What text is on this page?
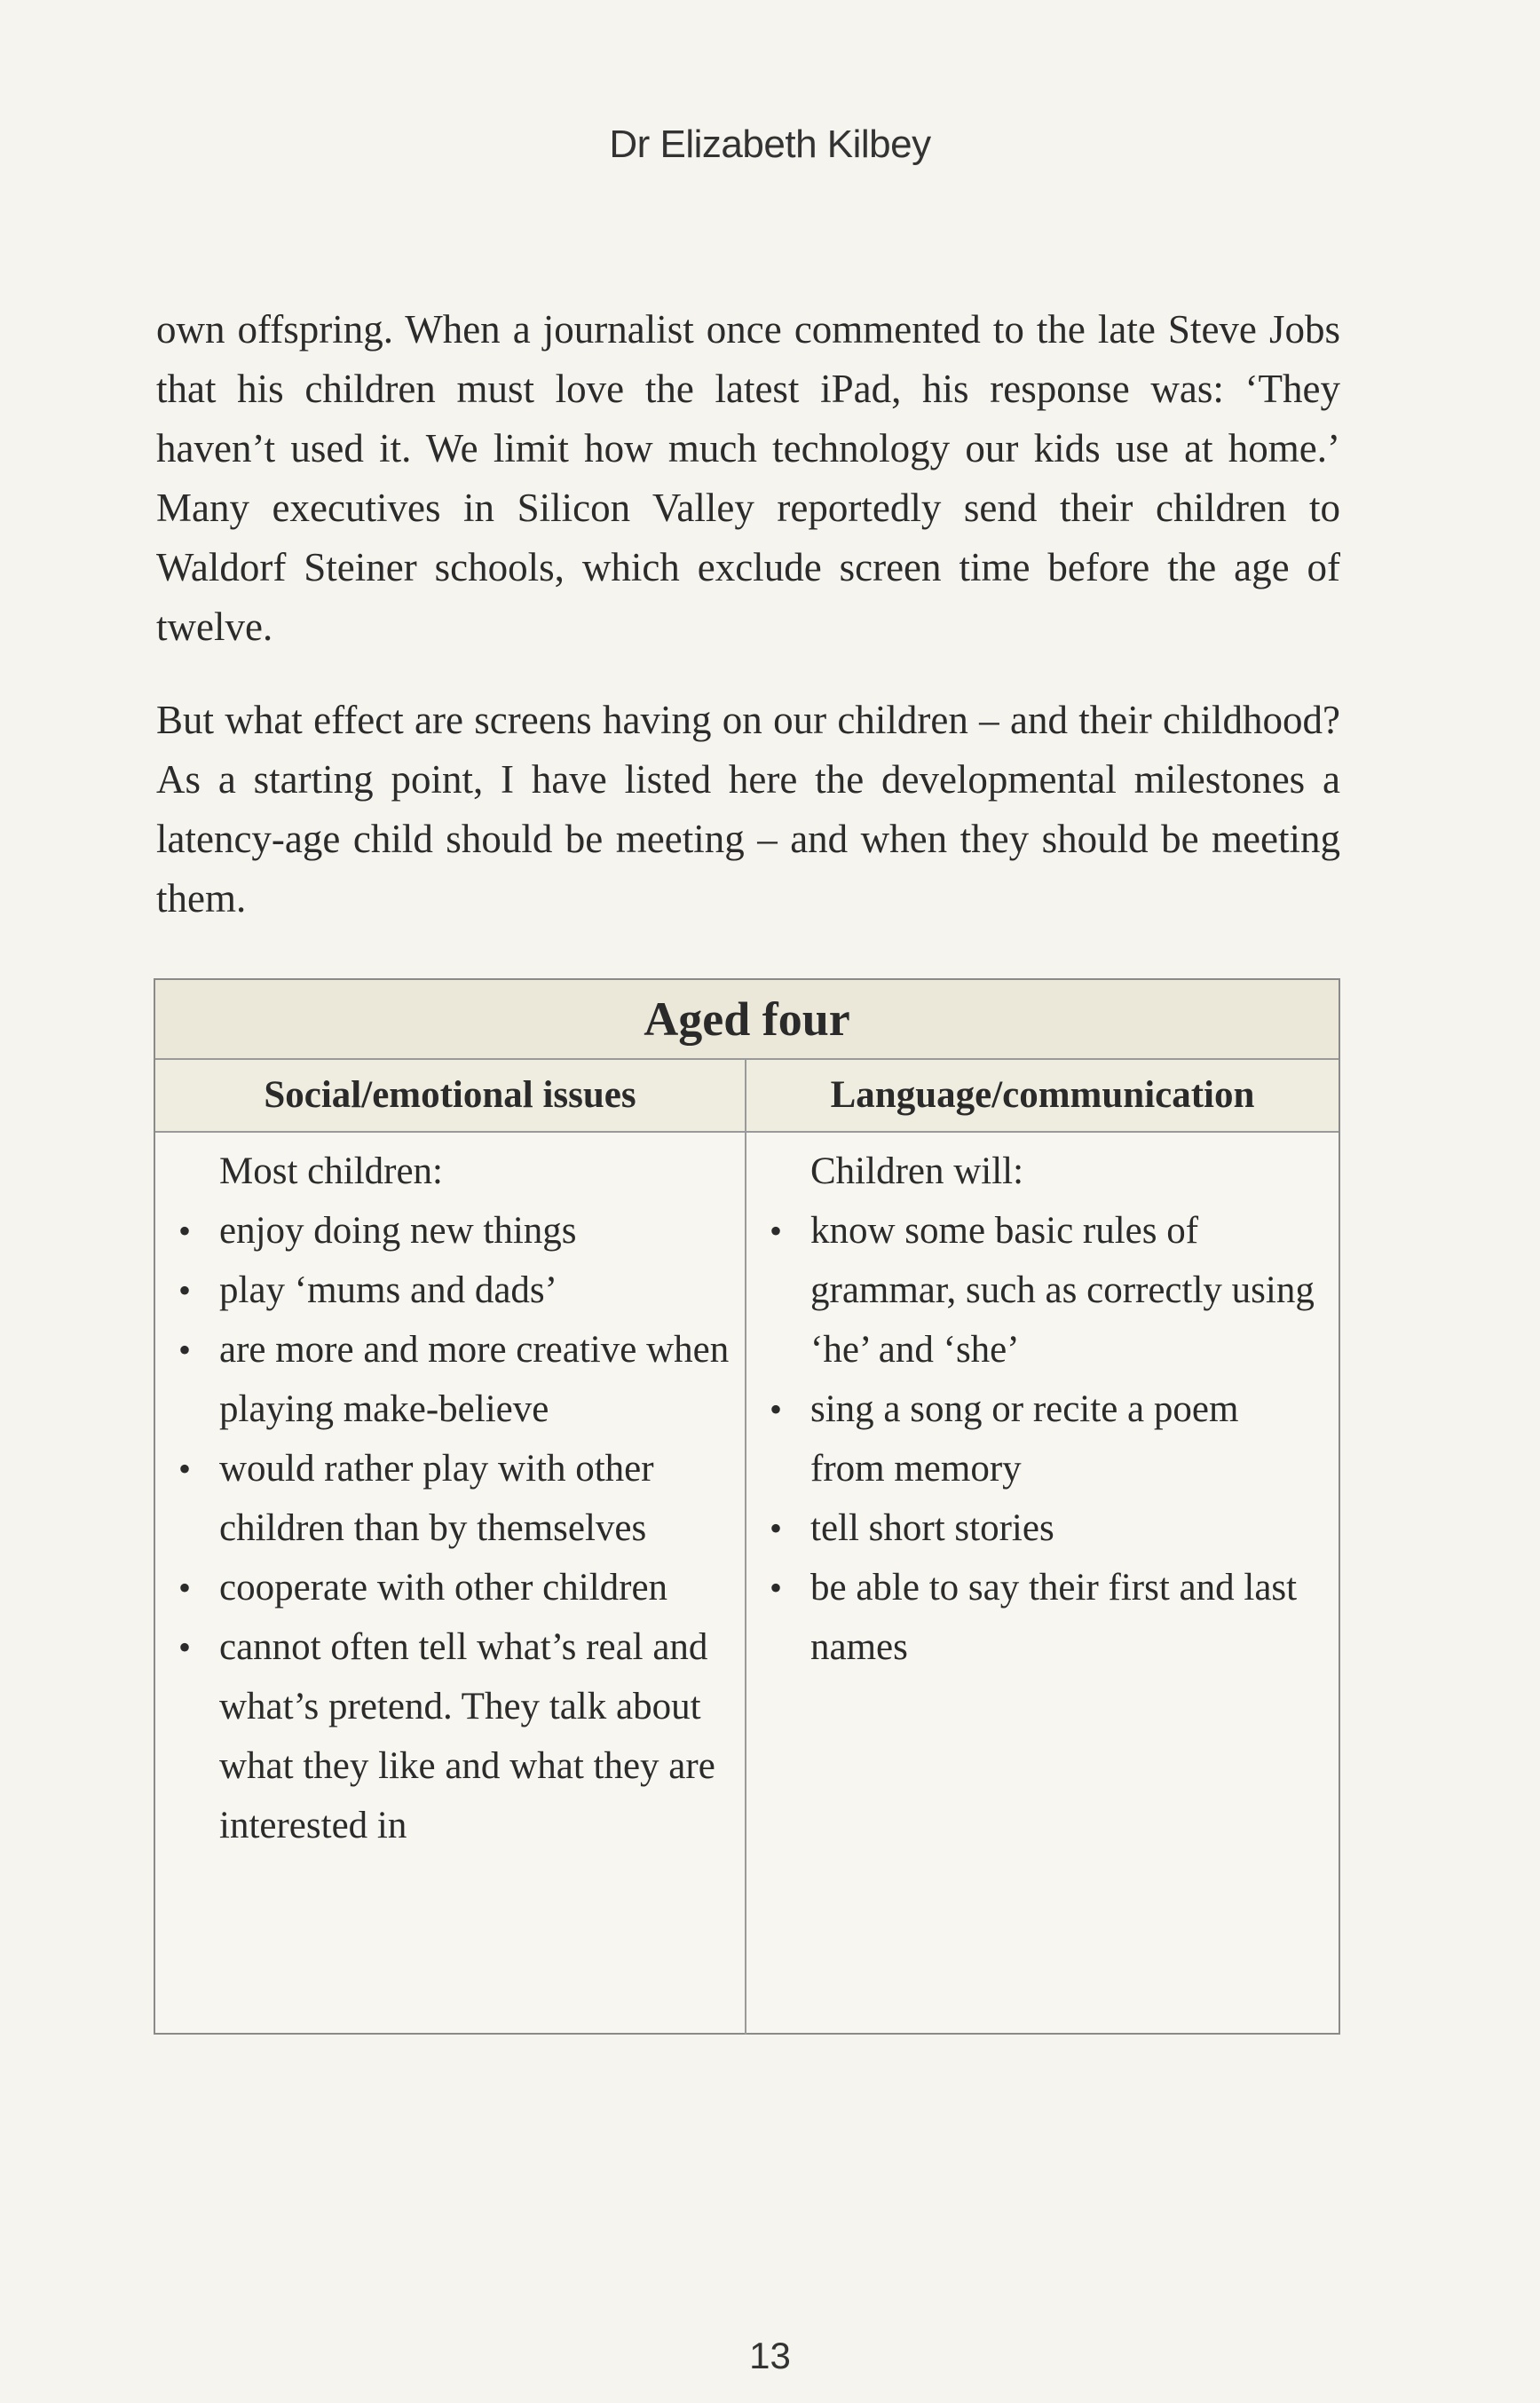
Dr Elizabeth Kilbey

own offspring. When a journalist once commented to the late Steve Jobs that his children must love the latest iPad, his response was: ‘They haven’t used it. We limit how much technology our kids use at home.’ Many executives in Silicon Valley reportedly send their children to Waldorf Steiner schools, which exclude screen time before the age of twelve.

But what effect are screens having on our children – and their childhood? As a starting point, I have listed here the developmental milestones a latency-age child should be meeting – and when they should be meeting them.

Aged four
Social/emotional issues	Language/communication

Most children:

• enjoy doing new things
• play ‘mums and dads’
• are more and more creative when playing make-believe
• would rather play with other children than by themselves
• cooperate with other children
• cannot often tell what’s real and what’s pretend. They talk about what they like and what they are interested in

Children will:

• know some basic rules of grammar, such as correctly using ‘he’ and ‘she’
• sing a song or recite a poem from memory
• tell short stories
• be able to say their first and last names
13
